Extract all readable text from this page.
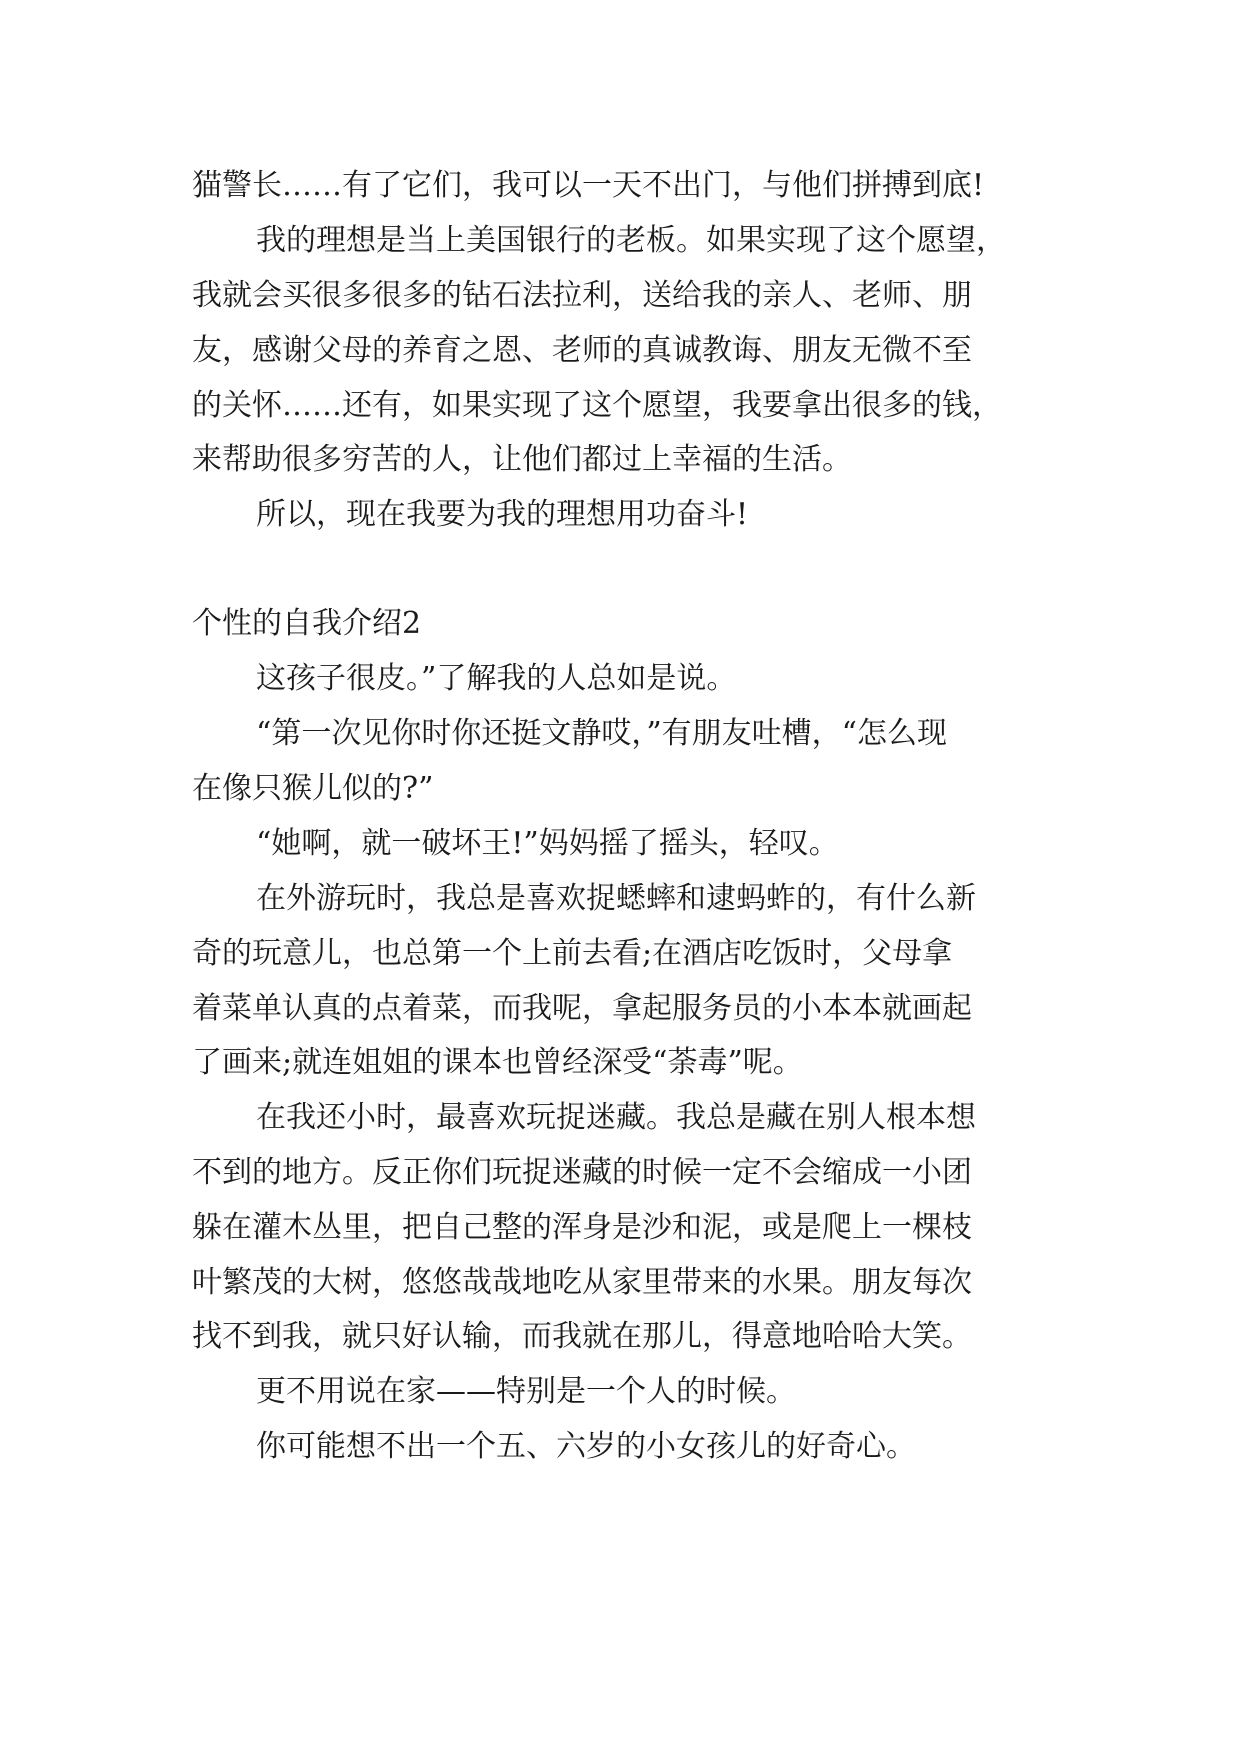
猫警长……有了它们，我可以一天不出门，与他们拼搏到底!
我的理想是当上美国银行的老板。如果实现了这个愿望，
我就会买很多很多的钻石法拉利，送给我的亲人、老师、朋
友，感谢父母的养育之恩、老师的真诚教诲、朋友无微不至
的关怀……还有，如果实现了这个愿望，我要拿出很多的钱，
来帮助很多穷苦的人，让他们都过上幸福的生活。
所以，现在我要为我的理想用功奋斗!
个性的自我介绍2
这孩子很皮。”了解我的人总如是说。
“第一次见你时你还挺文静哎，”有朋友吐槽，“怎么现
在像只猴儿似的?”
“她啊，就一破坏王!”妈妈摇了摇头，轻叹。
在外游玩时，我总是喜欢捉蟋蟀和逮蚂蚱的，有什么新
奇的玩意儿，也总第一个上前去看;在酒店吃饭时，父母拿
着菜单认真的点着菜，而我呢，拿起服务员的小本本就画起
了画来;就连姐姐的课本也曾经深受“荼毒”呢。
在我还小时，最喜欢玩捉迷藏。我总是藏在别人根本想
不到的地方。反正你们玩捉迷藏的时候一定不会缩成一小团
躲在灌木丛里，把自己整的浑身是沙和泥，或是爬上一棵枝
叶繁茂的大树，悠悠哉哉地吃从家里带来的水果。朋友每次
找不到我，就只好认输，而我就在那儿，得意地哈哈大笑。
更不用说在家——特别是一个人的时候。
你可能想不出一个五、六岁的小女孩儿的好奇心。
